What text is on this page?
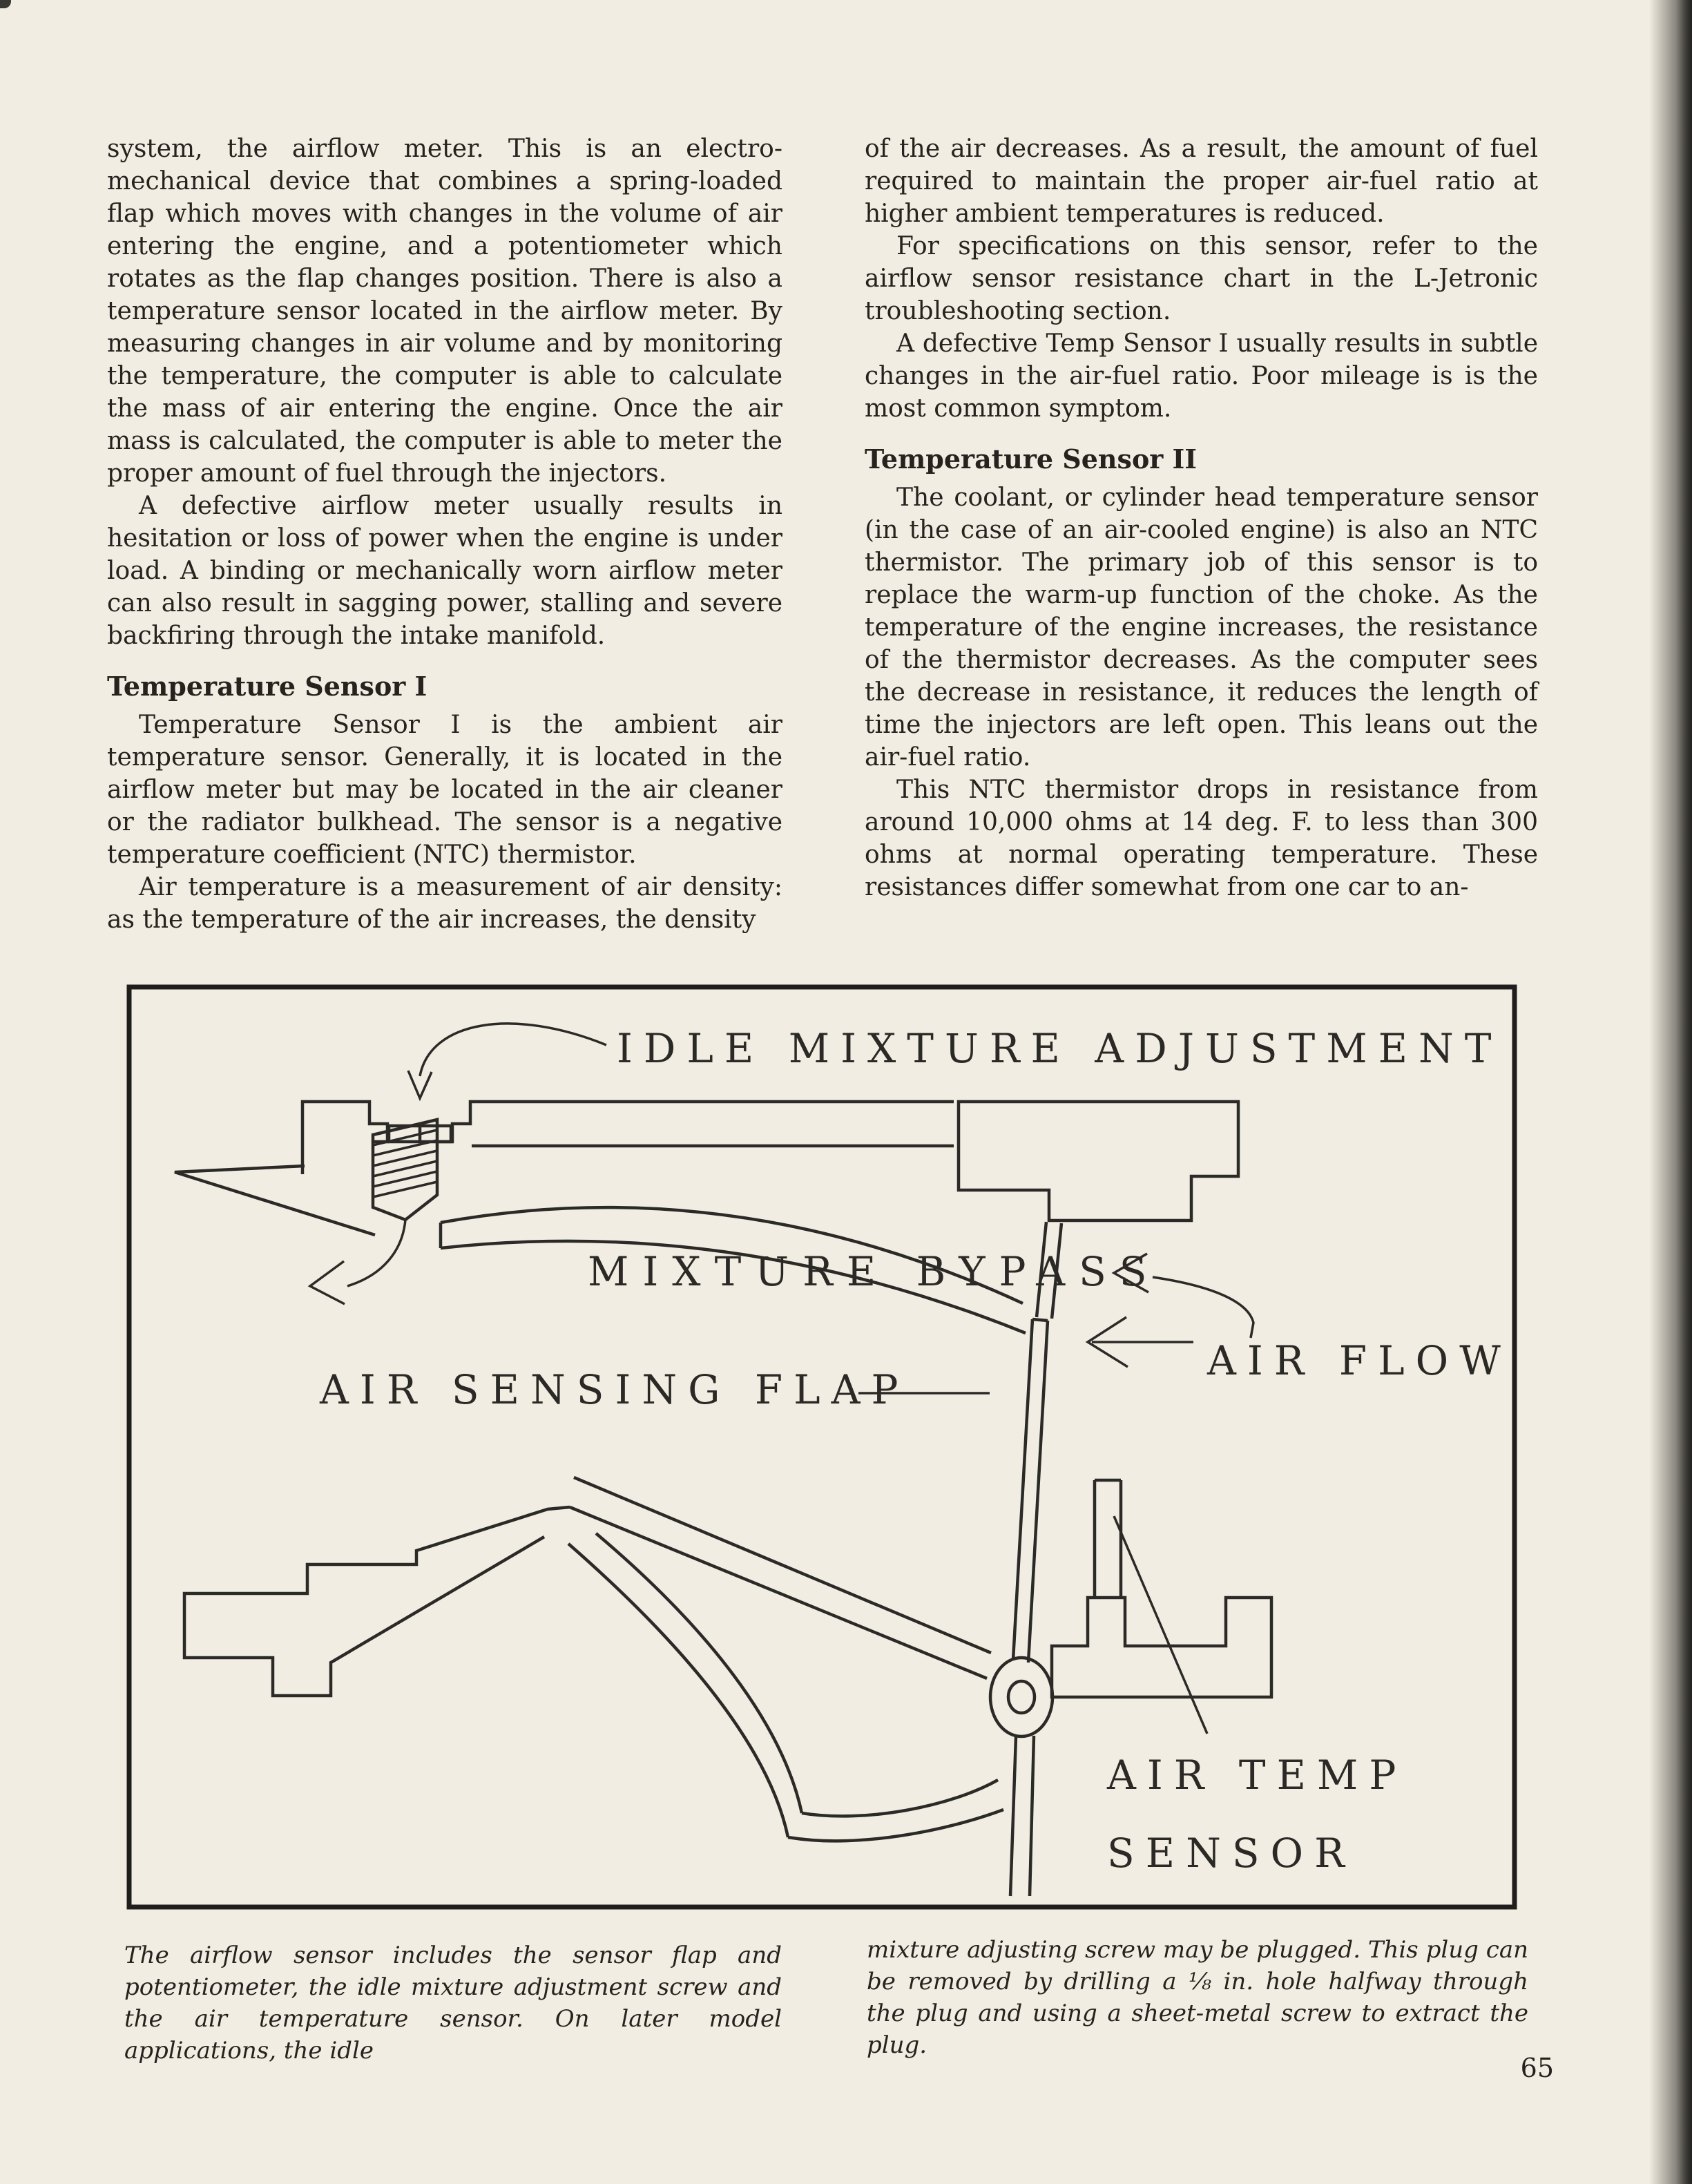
system, the airflow meter. This is an electro-mechanical device that combines a spring-loaded flap which moves with changes in the volume of air entering the engine, and a potentiometer which rotates as the flap changes position. There is also a temperature sensor located in the airflow meter. By measuring changes in air volume and by monitoring the temperature, the computer is able to calculate the mass of air entering the engine. Once the air mass is calculated, the computer is able to meter the proper amount of fuel through the injectors.

A defective airflow meter usually results in hesitation or loss of power when the engine is under load. A binding or mechanically worn airflow meter can also result in sagging power, stalling and severe backfiring through the intake manifold.

Temperature Sensor I

Temperature Sensor I is the ambient air temperature sensor. Generally, it is located in the airflow meter but may be located in the air cleaner or the radiator bulkhead. The sensor is a negative temperature coefficient (NTC) thermistor.

Air temperature is a measurement of air density: as the temperature of the air increases, the density

of the air decreases. As a result, the amount of fuel required to maintain the proper air-fuel ratio at higher ambient temperatures is reduced.

For specifications on this sensor, refer to the airflow sensor resistance chart in the L-Jetronic troubleshooting section.

A defective Temp Sensor I usually results in subtle changes in the air-fuel ratio. Poor mileage is is the most common symptom.

Temperature Sensor II

The coolant, or cylinder head temperature sensor (in the case of an air-cooled engine) is also an NTC thermistor. The primary job of this sensor is to replace the warm-up function of the choke. As the temperature of the engine increases, the resistance of the thermistor decreases. As the computer sees the decrease in resistance, it reduces the length of time the injectors are left open. This leans out the air-fuel ratio.

This NTC thermistor drops in resistance from around 10,000 ohms at 14 deg. F. to less than 300 ohms at normal operating temperature. These resistances differ somewhat from one car to an-

IDLE MIXTURE ADJUSTMENT
MIXTURE BYPASS
AIR SENSING FLAP
AIR FLOW
AIR TEMP
SENSOR
The airflow sensor includes the sensor flap and potentiometer, the idle mixture adjustment screw and the air temperature sensor. On later model applications, the idle
mixture adjusting screw may be plugged. This plug can be removed by drilling a ⅛ in. hole halfway through the plug and using a sheet-metal screw to extract the plug.
65
